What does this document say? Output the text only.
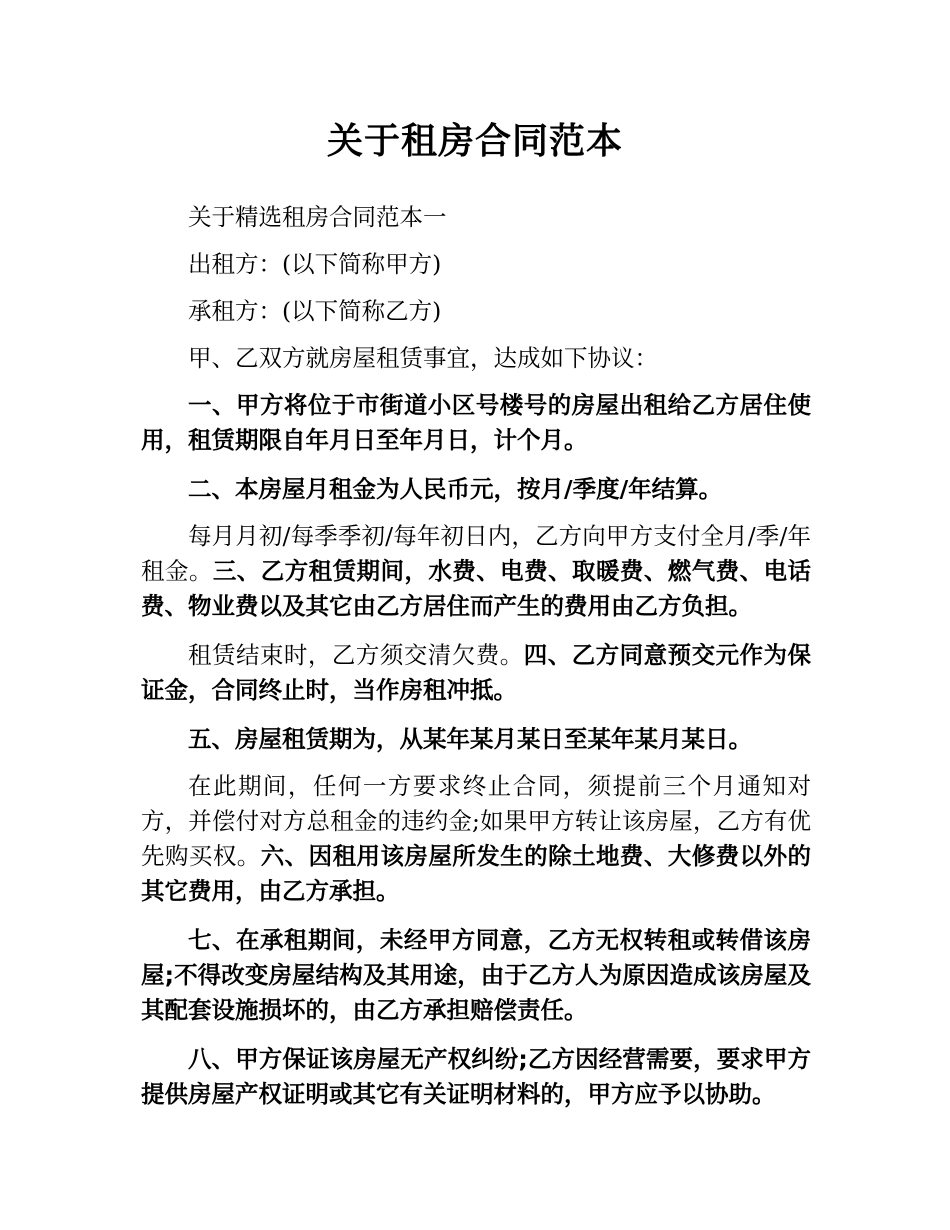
关于租房合同范本

关于精选租房合同范本一

出租方：(以下简称甲方)

承租方：(以下简称乙方)

甲、乙双方就房屋租赁事宜，达成如下协议：

一、甲方将位于市街道小区号楼号的房屋出租给乙方居住使用，租赁期限自年月日至年月日，计个月。

二、本房屋月租金为人民币元，按月/季度/年结算。

每月月初/每季季初/每年初日内，乙方向甲方支付全月/季/年租金。三、乙方租赁期间，水费、电费、取暖费、燃气费、电话费、物业费以及其它由乙方居住而产生的费用由乙方负担。

租赁结束时，乙方须交清欠费。四、乙方同意预交元作为保证金，合同终止时，当作房租冲抵。

五、房屋租赁期为，从某年某月某日至某年某月某日。

在此期间，任何一方要求终止合同，须提前三个月通知对方，并偿付对方总租金的违约金;如果甲方转让该房屋，乙方有优先购买权。六、因租用该房屋所发生的除土地费、大修费以外的其它费用，由乙方承担。

七、在承租期间，未经甲方同意，乙方无权转租或转借该房屋;不得改变房屋结构及其用途，由于乙方人为原因造成该房屋及其配套设施损坏的，由乙方承担赔偿责任。

八、甲方保证该房屋无产权纠纷;乙方因经营需要，要求甲方提供房屋产权证明或其它有关证明材料的，甲方应予以协助。
